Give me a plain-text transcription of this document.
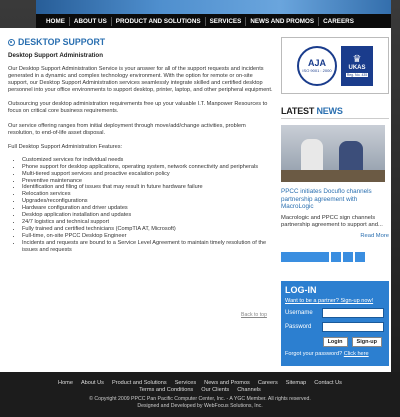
HOME	ABOUT US	PRODUCT AND SOLUTIONS	SERVICES	NEWS AND PROMOS	CAREERS
DESKTOP SUPPORT
Desktop Support Administration

Our Desktop Support Administration Service is your answer for all of the support requests and incidents generated in a dynamic and complex technology environment. With the option for remote or on-site support, our Desktop Support Administration services seamlessly integrate skilled and certified desktop personnel into your office environments to support desktop, printer, laptop, and other peripheral equipment.

Outsourcing your desktop administration requirements free up your valuable I.T. Manpower Resources to focus on critical core business requirements.

Our service offering ranges from initial deployment through move/add/change activities, problem resolution, to end-of-life asset disposal.

Full Desktop Support Administration Features:

• Customized services for individual needs
• Phone support for desktop applications, operating system, network connectivity and peripherals
• Multi-tiered support services and proactive escalation policy
• Preventive maintenance
• Identification and filing of issues that may result in future hardware failure
• Relocation services
• Upgrades/reconfigurations
• Hardware configuration and driver updates
• Desktop application installation and updates
• 24/7 logistics and technical support
• Fully trained and certified technicians (CompTIA AT, Microsoft)
• Full-time, on-site PPCC Desktop Engineer
• Incidents and requests are bound to a Service Level Agreement to maintain timely resolution of the issues and requests
Back to top
AJA
ISO 9001 : 2000
♛
UKAS
Reg. No. 435
LATEST NEWS
PPCC initiates Docuflo channels partnership agreement with MacroLogic
Macrologic and PPCC sign channels partnership agreement to support and...
Read More
LOG-IN
Want to be a partner? Sign-up now!
Username
Password
Login	Sign-up
Forgot your password? Click here
Home About Us Product and Solutions Services News and Promos Careers Sitemap Contact Us
Terms and Conditions Our Clients Channels
© Copyright 2009 PPCC Pan Pacific Computer Center, Inc. - A YGC Member. All rights reserved.
Designed and Developed by WebFocus Solutions, Inc.
